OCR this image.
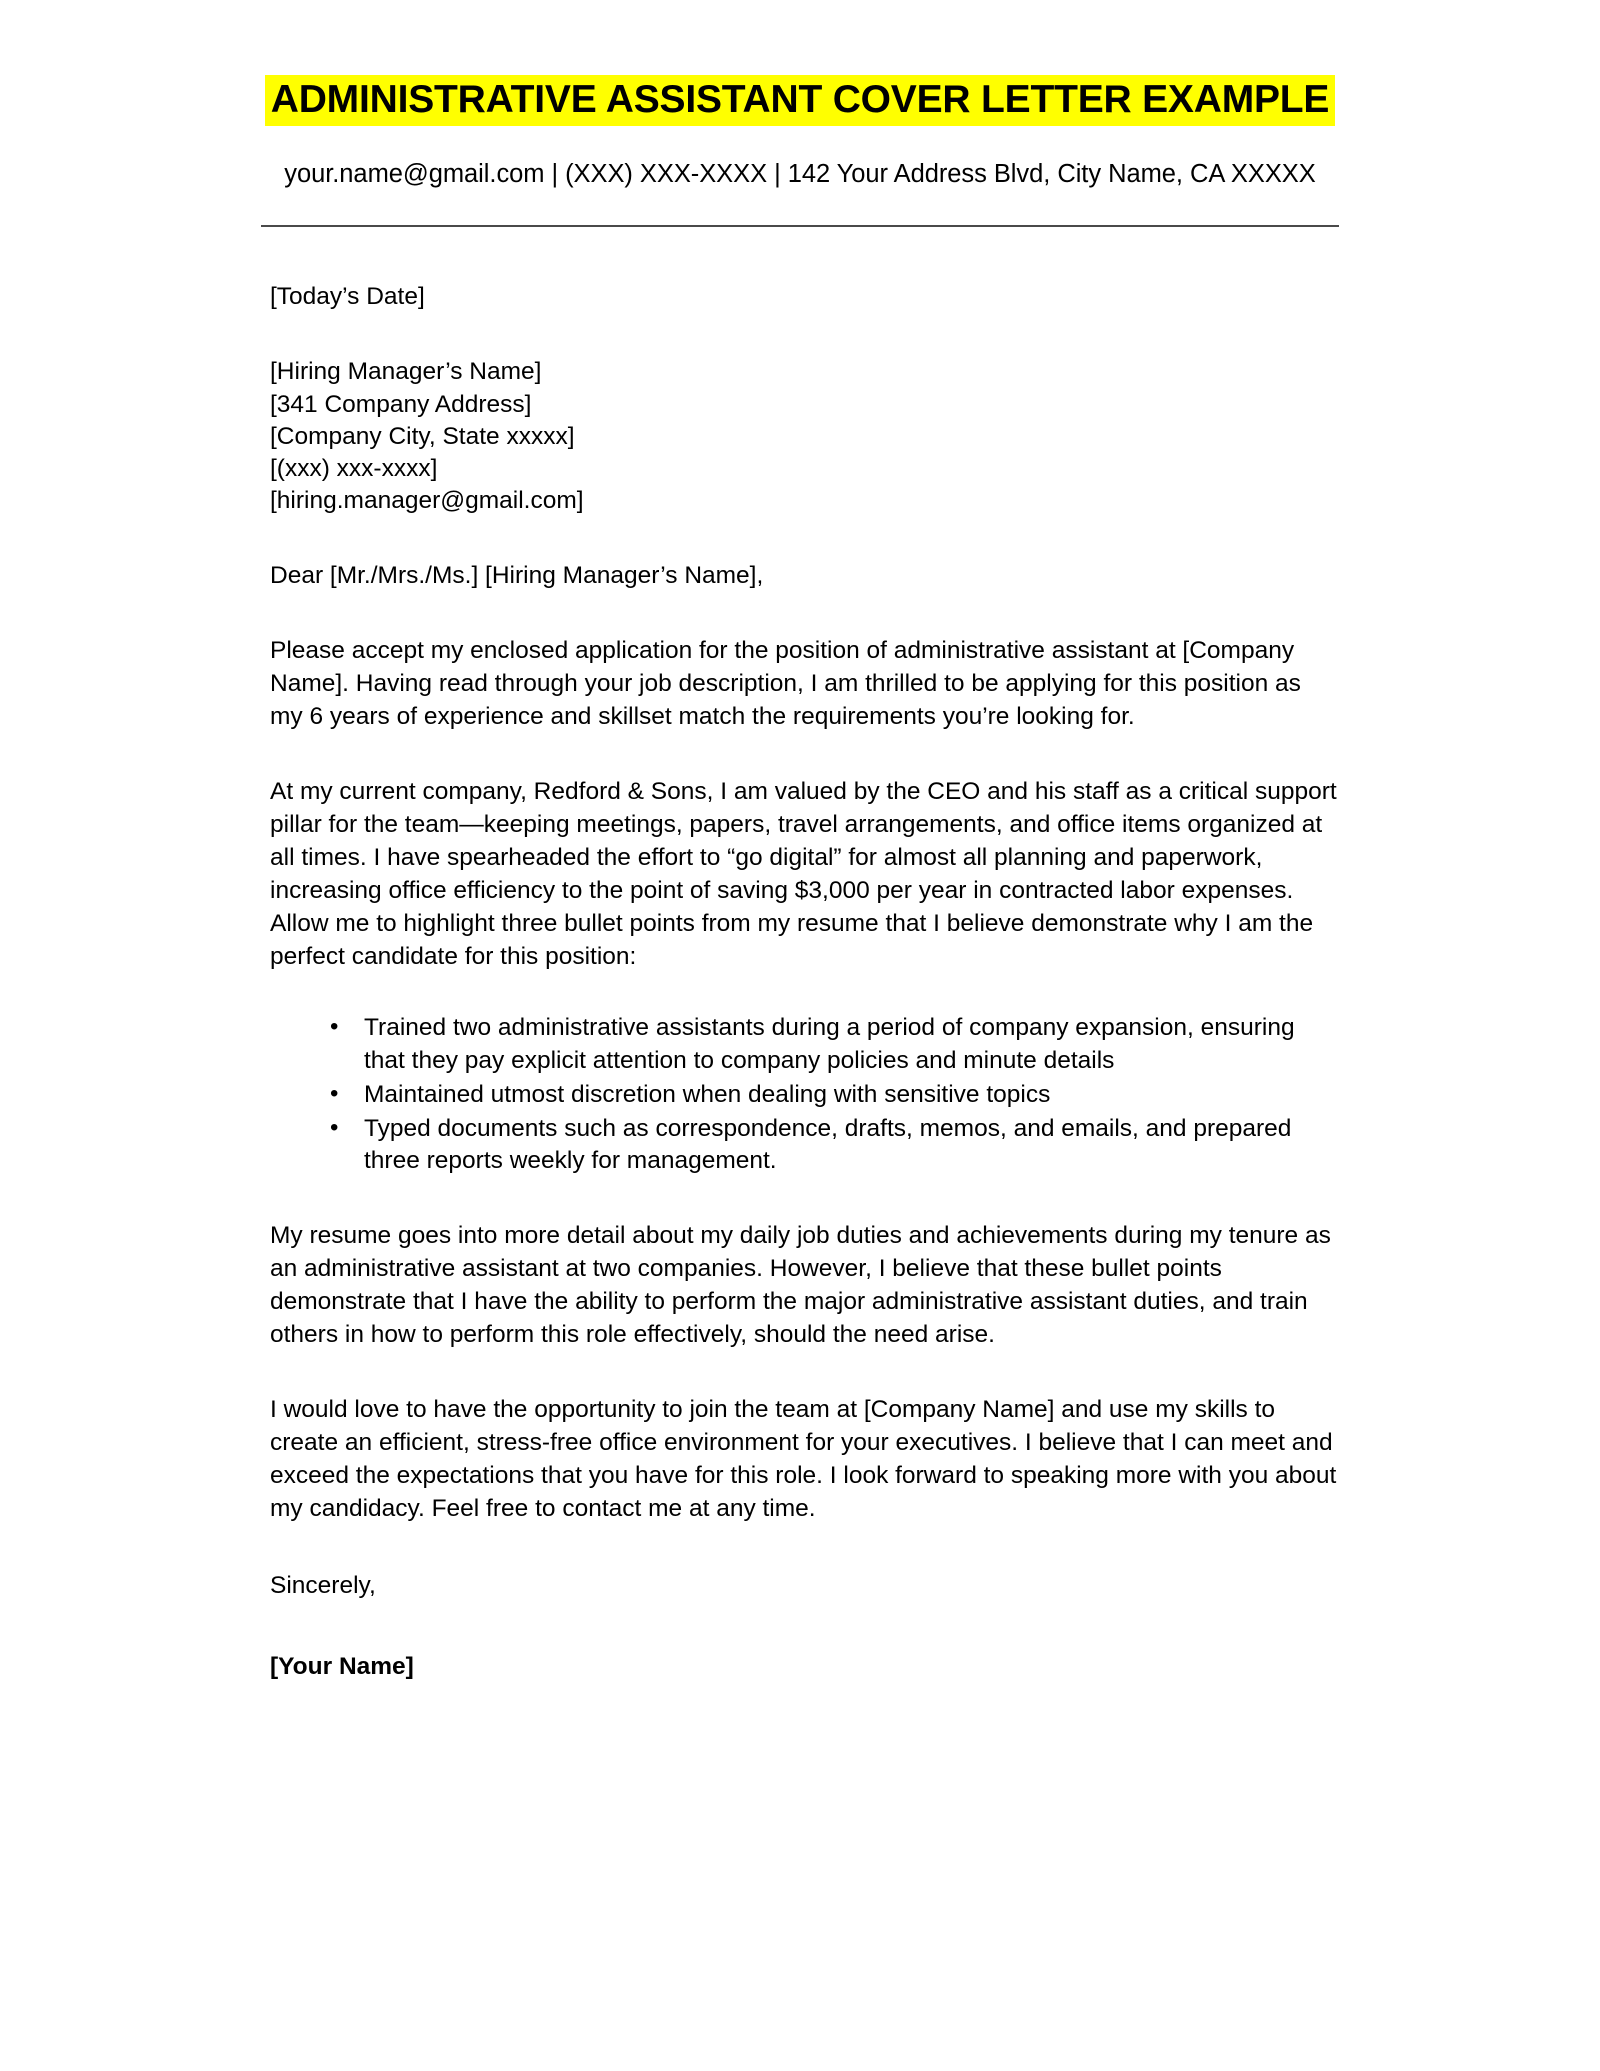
ADMINISTRATIVE ASSISTANT COVER LETTER EXAMPLE
your.name@gmail.com | (XXX) XXX-XXXX | 142 Your Address Blvd, City Name, CA XXXXX
[Today’s Date]
[Hiring Manager’s Name]
[341 Company Address]
[Company City, State xxxxx]
[(xxx) xxx-xxxx]
[hiring.manager@gmail.com]
Dear [Mr./Mrs./Ms.] [Hiring Manager’s Name],

Please accept my enclosed application for the position of administrative assistant at [Company Name]. Having read through your job description, I am thrilled to be applying for this position as my 6 years of experience and skillset match the requirements you’re looking for.

At my current company, Redford & Sons, I am valued by the CEO and his staff as a critical support pillar for the team—keeping meetings, papers, travel arrangements, and office items organized at all times. I have spearheaded the effort to “go digital” for almost all planning and paperwork, increasing office efficiency to the point of saving $3,000 per year in contracted labor expenses. Allow me to highlight three bullet points from my resume that I believe demonstrate why I am the perfect candidate for this position:

• Trained two administrative assistants during a period of company expansion, ensuring that they pay explicit attention to company policies and minute details
• Maintained utmost discretion when dealing with sensitive topics
• Typed documents such as correspondence, drafts, memos, and emails, and prepared three reports weekly for management.

My resume goes into more detail about my daily job duties and achievements during my tenure as an administrative assistant at two companies. However, I believe that these bullet points demonstrate that I have the ability to perform the major administrative assistant duties, and train others in how to perform this role effectively, should the need arise.

I would love to have the opportunity to join the team at [Company Name] and use my skills to create an efficient, stress-free office environment for your executives. I believe that I can meet and exceed the expectations that you have for this role. I look forward to speaking more with you about my candidacy. Feel free to contact me at any time.

Sincerely,
[Your Name]
